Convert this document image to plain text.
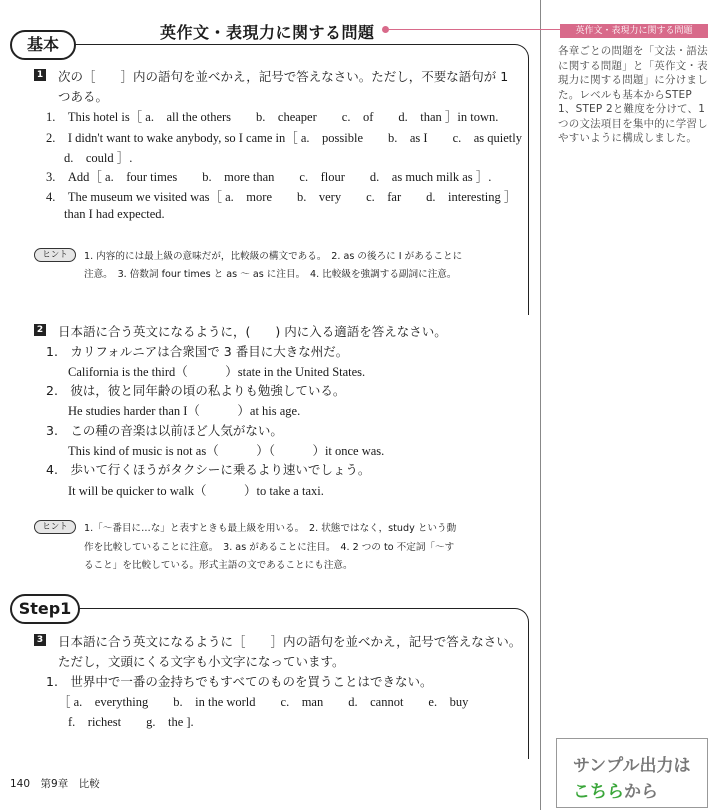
英作文・表現力に関する問題
基本
1 次の［　　］内の語句を並べかえ，記号で答えなさい。ただし，不要な語句が 1
つある。
1.　This hotel is［ a.　all the others　　b.　cheaper　　c.　of　　d.　than ］in town.
2.　I didn't want to wake anybody, so I came in［ a.　possible　　b.　as I　　c.　as quietly
d.　could ］.
3.　Add［ a.　four times　　b.　more than　　c.　flour　　d.　as much milk as ］.
4.　The museum we visited was［ a.　more　　b.　very　　c.　far　　d.　interesting ］
than I had expected.
ヒント	1. 内容的には最上級の意味だが，比較級の構文である。　2. as の後ろに I があることに
注意。　3. 倍数詞 four times と as ～ as に注目。　4. 比較級を強調する副詞に注意。
2 日本語に合う英文になるように，(　　) 内に入る適語を答えなさい。
1.　カリフォルニアは合衆国で 3 番目に大きな州だ。
California is the third（　　　）state in the United States.
2.　彼は，彼と同年齢の頃の私よりも勉強している。
He studies harder than I（　　　）at his age.
3.　この種の音楽は以前ほど人気がない。
This kind of music is not as（　　　）（　　　）it once was.
4.　歩いて行くほうがタクシーに乗るより速いでしょう。
It will be quicker to walk（　　　）to take a taxi.
ヒント	1.「～番目に…な」と表すときも最上級を用いる。　2. 状態ではなく，study という動
作を比較していることに注意。　3. as があることに注目。　4. 2 つの to 不定詞「～す
ること」を比較している。形式主語の文であることにも注意。
Step1
3 日本語に合う英文になるように［　　］内の語句を並べかえ，記号で答えなさい。
ただし，文頭にくる文字も小文字になっています。
1.　世界中で一番の金持ちでもすべてのものを買うことはできない。
［ a.　everything　　b.　in the world　　c.　man　　d.　cannot　　e.　buy
f.　richest　　g.　the ].
140　 第9章　比較
英作文・表現力に関する問題
各章ごとの問題を「文法・語法に関する問題」と「英作文・表現力に関する問題」に分けました。レベルも基本からSTEP 1、STEP 2と難度を分けて、1つの文法項目を集中的に学習しやすいように構成しました。
サンプル出力は
こちらから
